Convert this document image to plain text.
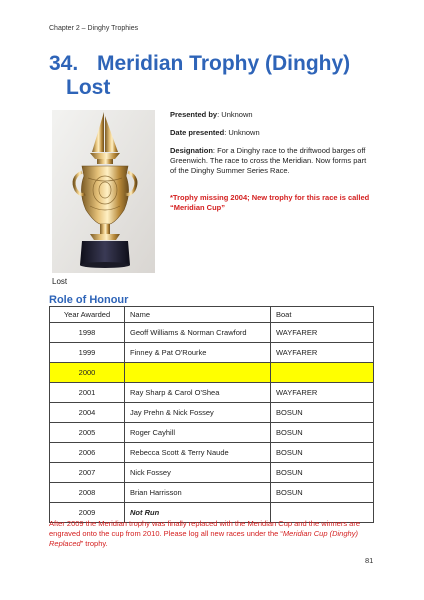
Chapter 2 – Dinghy Trophies
34. Meridian Trophy (Dinghy)
Lost
Lost
Presented by: Unknown
Date presented: Unknown
Designation: For a Dinghy race to the driftwood barges off Greenwich. The race to cross the Meridian. Now forms part of the Dinghy Summer Series Race.
*Trophy missing 2004; New trophy for this race is called “Meridian Cup”
Role of Honour
Year Awarded	Name	Boat
1998	Geoff Williams & Norman Crawford	WAYFARER
1999	Finney & Pat O'Rourke	WAYFARER
2000		
2001	Ray Sharp & Carol O'Shea	WAYFARER
2004	Jay Prehn & Nick Fossey	BOSUN
2005	Roger Cayhill	BOSUN
2006	Rebecca Scott & Terry Naude	BOSUN
2007	Nick Fossey	BOSUN
2008	Brian Harrisson	BOSUN
2009	Not Run	
After 2009 the Meridian trophy was finally replaced with the Meridian Cup and the winners are engraved onto the cup from 2010. Please log all new races under the “Meridian Cup (Dinghy) Replaced” trophy.
81
